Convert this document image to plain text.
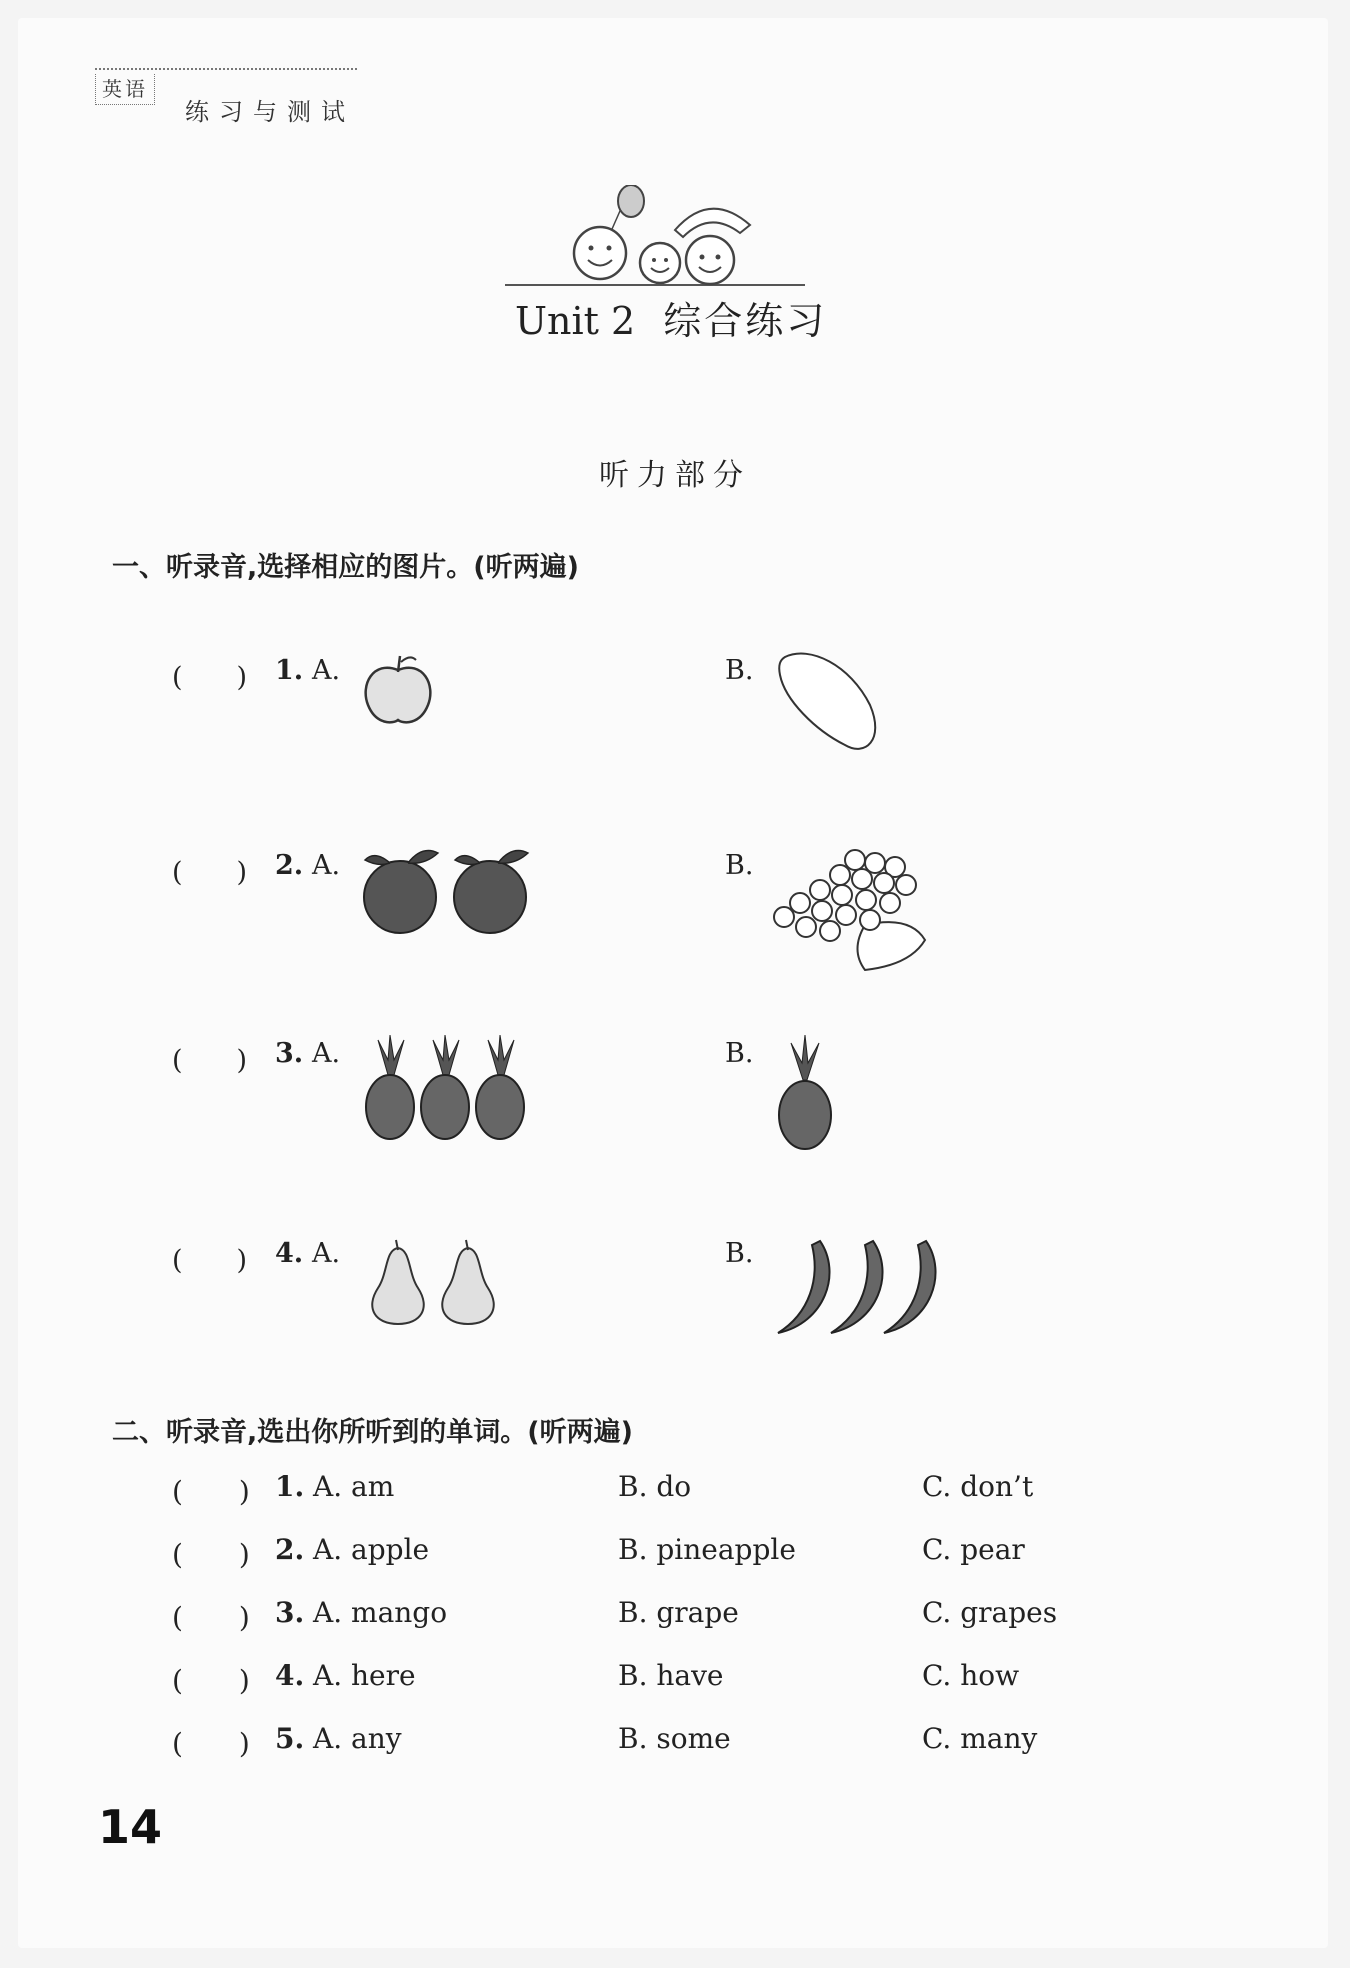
英语
练习与测试
Unit 2 综合练习
听力部分
一、听录音,选择相应的图片。(听两遍)
(　　) 1. A.	B.
(　　) 2. A.	B.
(　　) 3. A.	B.
(　　) 4. A.	B.
二、听录音,选出你所听到的单词。(听两遍)
(　　) 1. A. am	B. do	C. don’t
(　　) 2. A. apple	B. pineapple	C. pear
(　　) 3. A. mango	B. grape	C. grapes
(　　) 4. A. here	B. have	C. how
(　　) 5. A. any	B. some	C. many
14
